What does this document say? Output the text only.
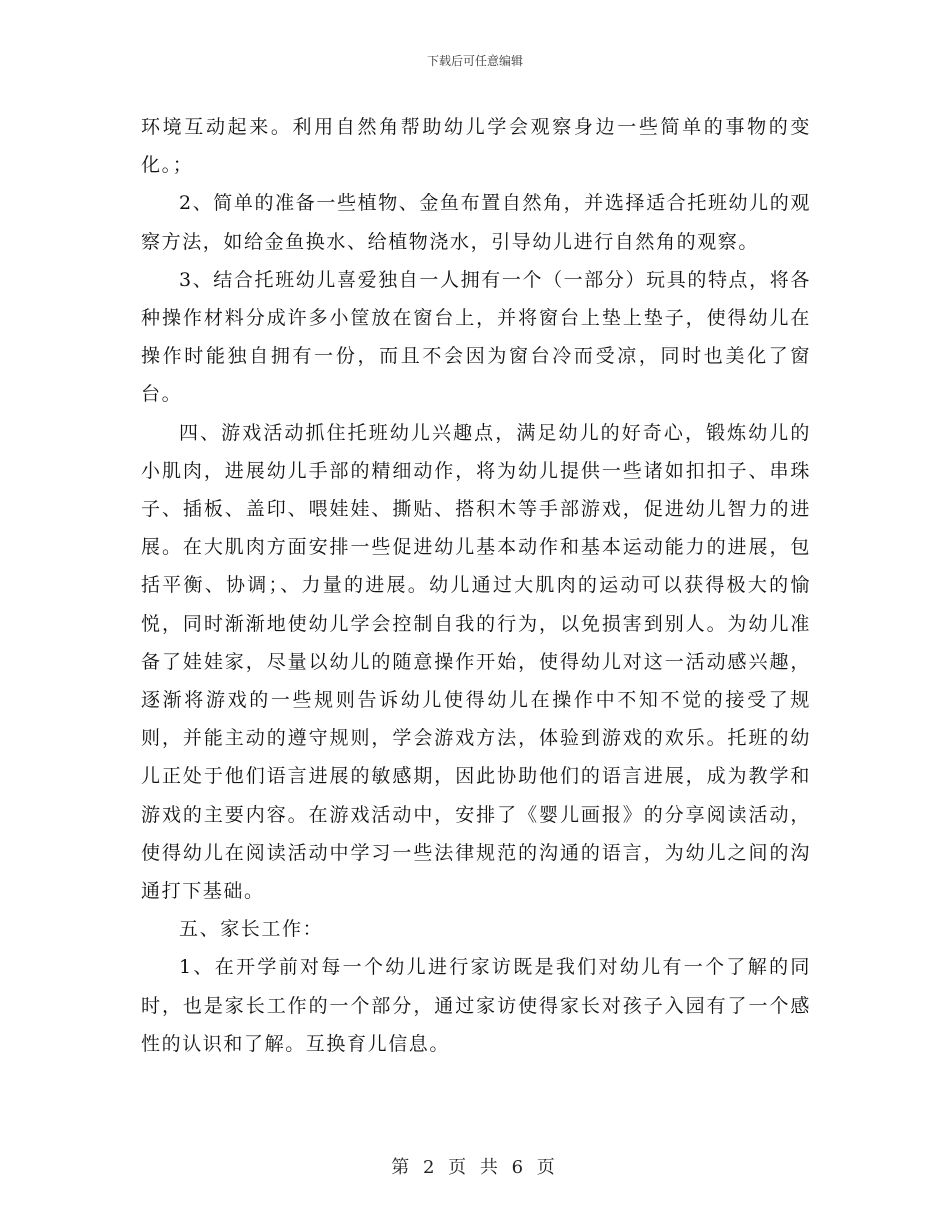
下载后可任意编辑

环境互动起来。利用自然角帮助幼儿学会观察身边一些简单的事物的变化。；

2、简单的准备一些植物、金鱼布置自然角，并选择适合托班幼儿的观察方法，如给金鱼换水、给植物浇水，引导幼儿进行自然角的观察。

3、结合托班幼儿喜爱独自一人拥有一个（一部分）玩具的特点，将各种操作材料分成许多小筐放在窗台上，并将窗台上垫上垫子，使得幼儿在操作时能独自拥有一份，而且不会因为窗台冷而受凉，同时也美化了窗台。

四、游戏活动抓住托班幼儿兴趣点，满足幼儿的好奇心，锻炼幼儿的小肌肉，进展幼儿手部的精细动作，将为幼儿提供一些诸如扣扣子、串珠子、插板、盖印、喂娃娃、撕贴、搭积木等手部游戏，促进幼儿智力的进展。在大肌肉方面安排一些促进幼儿基本动作和基本运动能力的进展，包括平衡、协调；、力量的进展。幼儿通过大肌肉的运动可以获得极大的愉悦，同时渐渐地使幼儿学会控制自我的行为，以免损害到别人。为幼儿准备了娃娃家，尽量以幼儿的随意操作开始，使得幼儿对这一活动感兴趣，逐渐将游戏的一些规则告诉幼儿使得幼儿在操作中不知不觉的接受了规则，并能主动的遵守规则，学会游戏方法，体验到游戏的欢乐。托班的幼儿正处于他们语言进展的敏感期，因此协助他们的语言进展，成为教学和游戏的主要内容。在游戏活动中，安排了《婴儿画报》的分享阅读活动，使得幼儿在阅读活动中学习一些法律规范的沟通的语言，为幼儿之间的沟通打下基础。

五、家长工作：

1、在开学前对每一个幼儿进行家访既是我们对幼儿有一个了解的同时，也是家长工作的一个部分，通过家访使得家长对孩子入园有了一个感性的认识和了解。互换育儿信息。

第 2 页 共 6 页
